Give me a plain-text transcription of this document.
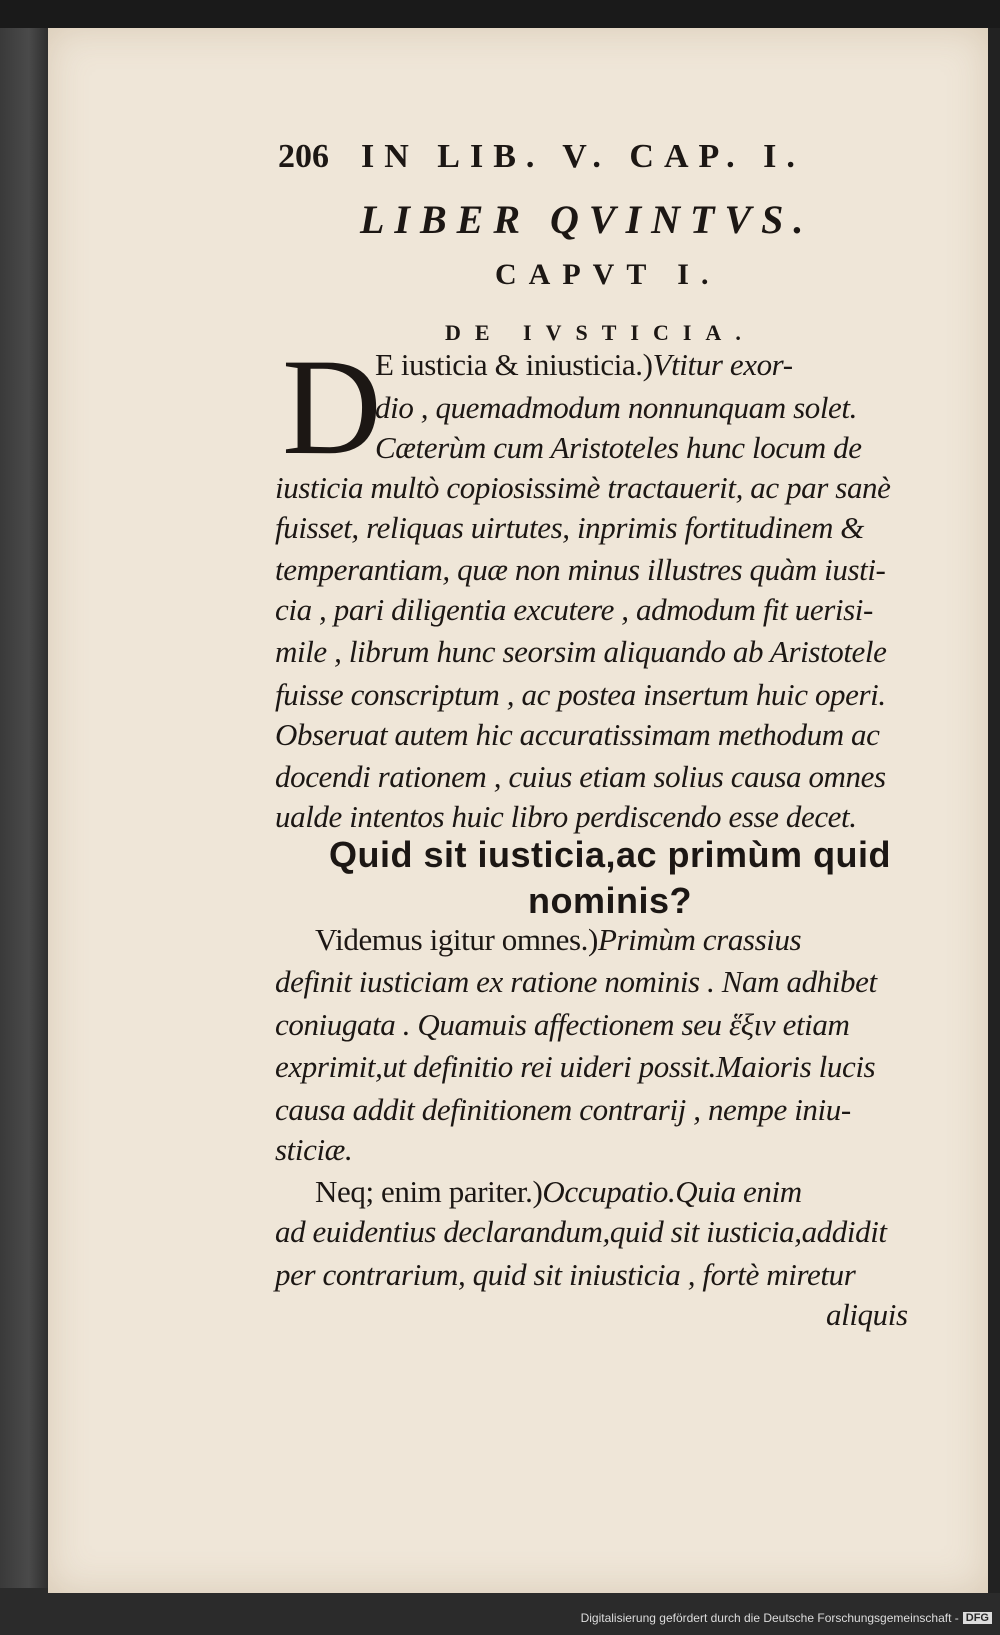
Digitalisierung gefördert durch die Deutsche Forschungsgemeinschaft - DFG
206 IN LIB. V. CAP. I.
LIBER QVINTVS.
CAPVT I.
DE IVSTICIA.
D
E iusticia & iniusticia.)Vtitur exor-
dio , quemadmodum nonnunquam solet.
Cæterùm cum Aristoteles hunc locum de
iusticia multò copiosissimè tractauerit, ac par sanè
fuisset, reliquas uirtutes, inprimis fortitudinem &
temperantiam, quæ non minus illustres quàm iusti-
cia , pari diligentia excutere , admodum fit uerisi-
mile , librum hunc seorsim aliquando ab Aristotele
fuisse conscriptum , ac postea insertum huic operi.
Obseruat autem hic accuratissimam methodum ac
docendi rationem , cuius etiam solius causa omnes
ualde intentos huic libro perdiscendo esse decet.
Quid sit iusticia,ac primùm quid
nominis?
Videmus igitur omnes.)Primùm crassius
definit iusticiam ex ratione nominis . Nam adhibet
coniugata . Quamuis affectionem seu ἕξιν etiam
exprimit,ut definitio rei uideri possit.Maioris lucis
causa addit definitionem contrarij , nempe iniu-
sticiæ.
Neq; enim pariter.)Occupatio.Quia enim
ad euidentius declarandum,quid sit iusticia,addidit
per contrarium, quid sit iniusticia , fortè miretur
aliquis
